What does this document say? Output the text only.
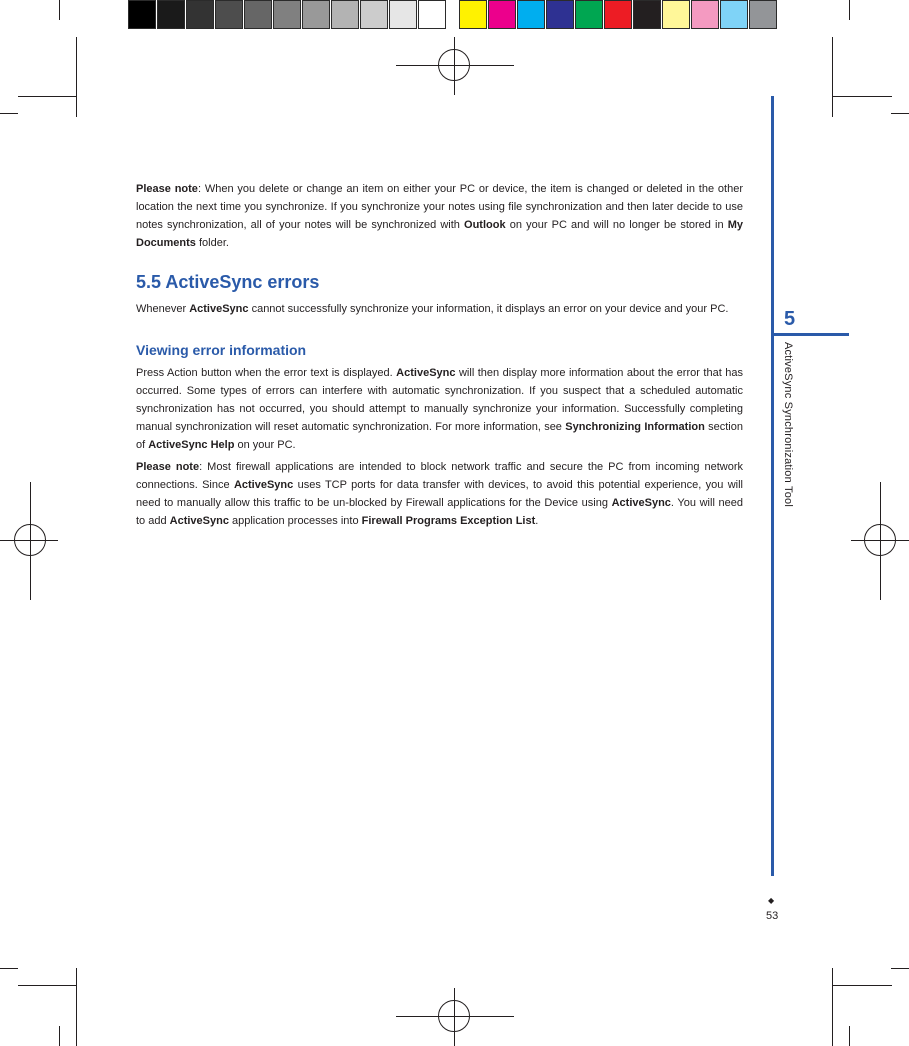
Please note: When you delete or change an item on either your PC or device, the item is changed or deleted in the other location the next time you synchronize. If you synchronize your notes using file synchronization and then later decide to use notes synchronization, all of your notes will be synchronized with Outlook on your PC and will no longer be stored in My Documents folder.

5.5 ActiveSync errors

Whenever ActiveSync cannot successfully synchronize your information, it displays an error on your device and your PC.

Viewing error information

Press Action button when the error text is displayed. ActiveSync will then display more information about the error that has occurred. Some types of errors can interfere with automatic synchronization. If you suspect that a scheduled automatic synchronization has not occurred, you should attempt to manually synchronize your information. Successfully completing manual synchronization will reset automatic synchronization. For more information, see Synchronizing Information section of ActiveSync Help on your PC.

Please note: Most firewall applications are intended to block network traffic and secure the PC from incoming network connections. Since ActiveSync uses TCP ports for data transfer with devices, to avoid this potential experience, you will need to manually allow this traffic to be un-blocked by Firewall applications for the Device using ActiveSync. You will need to add ActiveSync application processes into Firewall Programs Exception List.

5
ActiveSync Synchronization Tool
◆
53
